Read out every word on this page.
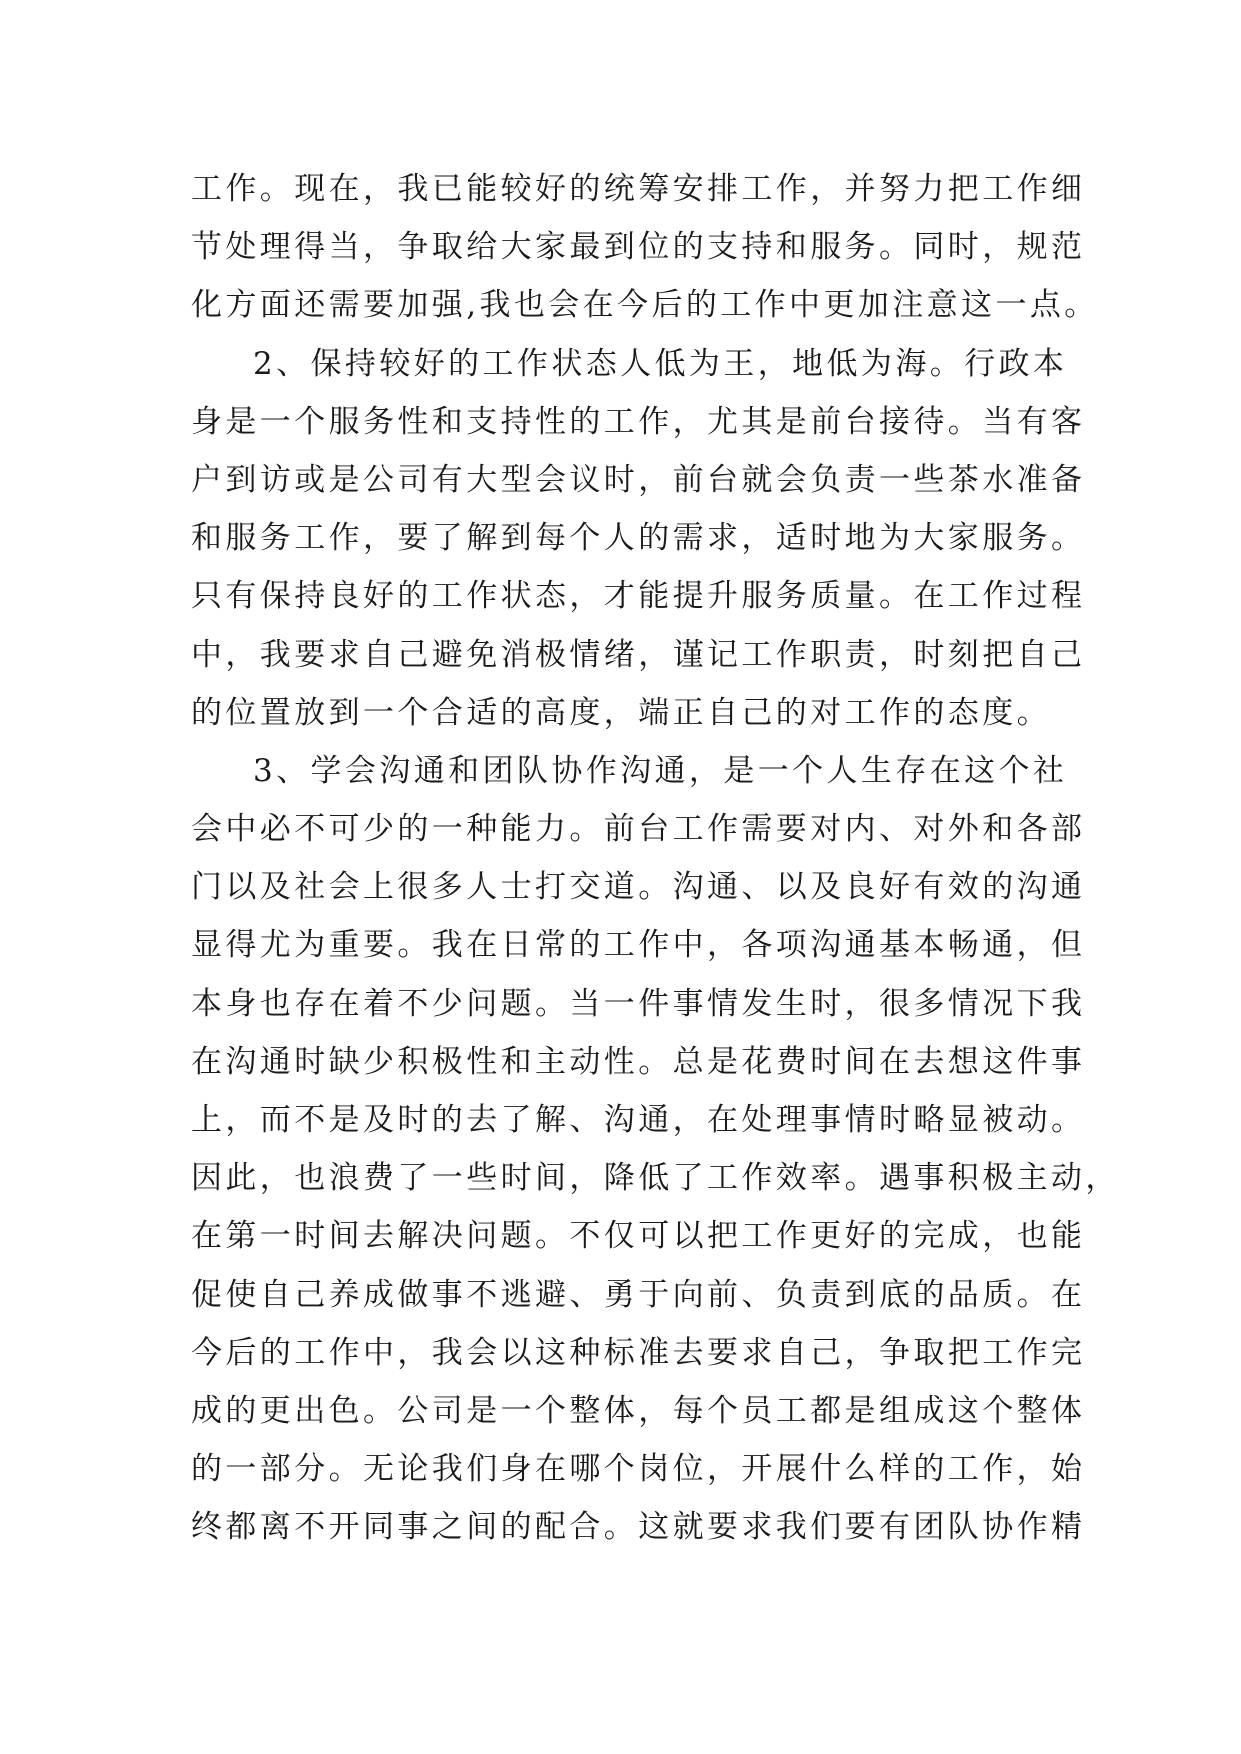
工作。现在，我已能较好的统筹安排工作，并努力把工作细
节处理得当，争取给大家最到位的支持和服务。同时，规范
化方面还需要加强,我也会在今后的工作中更加注意这一点。
2、保持较好的工作状态人低为王，地低为海。行政本
身是一个服务性和支持性的工作，尤其是前台接待。当有客
户到访或是公司有大型会议时，前台就会负责一些茶水准备
和服务工作，要了解到每个人的需求，适时地为大家服务。
只有保持良好的工作状态，才能提升服务质量。在工作过程
中，我要求自己避免消极情绪，谨记工作职责，时刻把自己
的位置放到一个合适的高度，端正自己的对工作的态度。
3、学会沟通和团队协作沟通，是一个人生存在这个社
会中必不可少的一种能力。前台工作需要对内、对外和各部
门以及社会上很多人士打交道。沟通、以及良好有效的沟通
显得尤为重要。我在日常的工作中，各项沟通基本畅通，但
本身也存在着不少问题。当一件事情发生时，很多情况下我
在沟通时缺少积极性和主动性。总是花费时间在去想这件事
上，而不是及时的去了解、沟通，在处理事情时略显被动。
因此，也浪费了一些时间，降低了工作效率。遇事积极主动，
在第一时间去解决问题。不仅可以把工作更好的完成，也能
促使自己养成做事不逃避、勇于向前、负责到底的品质。在
今后的工作中，我会以这种标准去要求自己，争取把工作完
成的更出色。公司是一个整体，每个员工都是组成这个整体
的一部分。无论我们身在哪个岗位，开展什么样的工作，始
终都离不开同事之间的配合。这就要求我们要有团队协作精
